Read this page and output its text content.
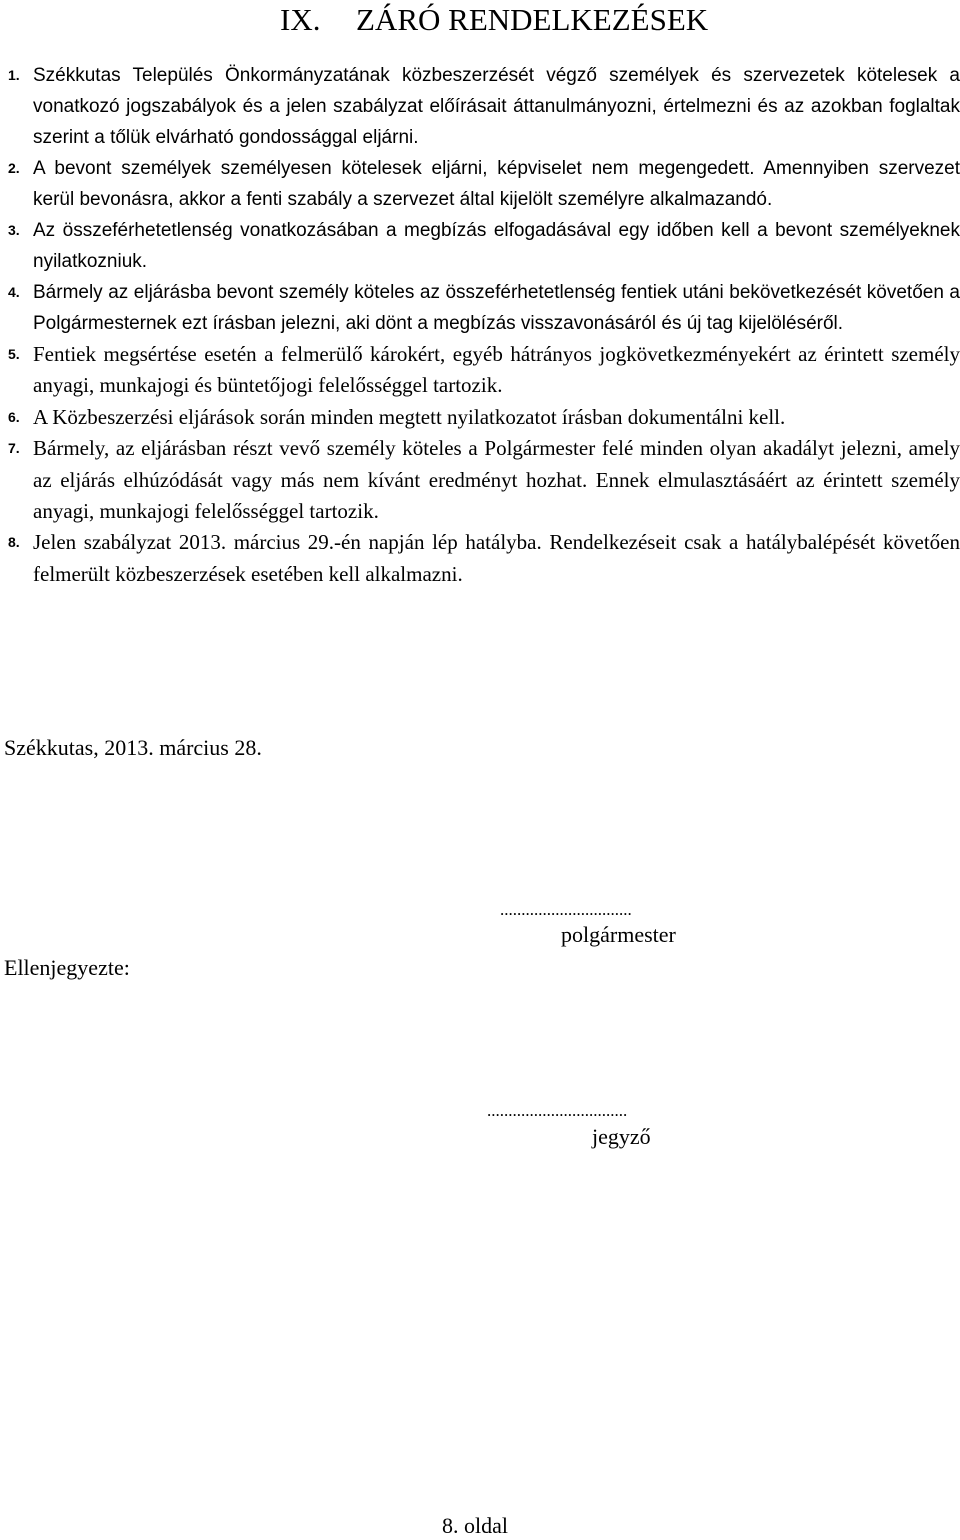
IX. ZÁRÓ RENDELKEZÉSEK
1. Székkutas Település Önkormányzatának közbeszerzését végző személyek és szervezetek kötelesek a vonatkozó jogszabályok és a jelen szabályzat előírásait áttanulmányozni, értelmezni és az azokban foglaltak szerint a tőlük elvárható gondossággal eljárni.
2. A bevont személyek személyesen kötelesek eljárni, képviselet nem megengedett. Amennyiben szervezet kerül bevonásra, akkor a fenti szabály a szervezet által kijelölt személyre alkalmazandó.
3. Az összeférhetetlenség vonatkozásában a megbízás elfogadásával egy időben kell a bevont személyeknek nyilatkozniuk.
4. Bármely az eljárásba bevont személy köteles az összeférhetetlenség fentiek utáni bekövetkezését követően a Polgármesternek ezt írásban jelezni, aki dönt a megbízás visszavonásáról és új tag kijelöléséről.
5. Fentiek megsértése esetén a felmerülő károkért, egyéb hátrányos jogkövetkezményekért az érintett személy anyagi, munkajogi és büntetőjogi felelősséggel tartozik.
6. A Közbeszerzési eljárások során minden megtett nyilatkozatot írásban dokumentálni kell.
7. Bármely, az eljárásban részt vevő személy köteles a Polgármester felé minden olyan akadályt jelezni, amely az eljárás elhúzódását vagy más nem kívánt eredményt hozhat. Ennek elmulasztásáért az érintett személy anyagi, munkajogi felelősséggel tartozik.
8. Jelen szabályzat 2013. március 29.-én napján lép hatályba. Rendelkezéseit csak a hatálybalépését követően felmerült közbeszerzések esetében kell alkalmazni.
Székkutas, 2013. március 28.
...............................
polgármester
Ellenjegyezte:
.................................
jegyző
8. oldal
